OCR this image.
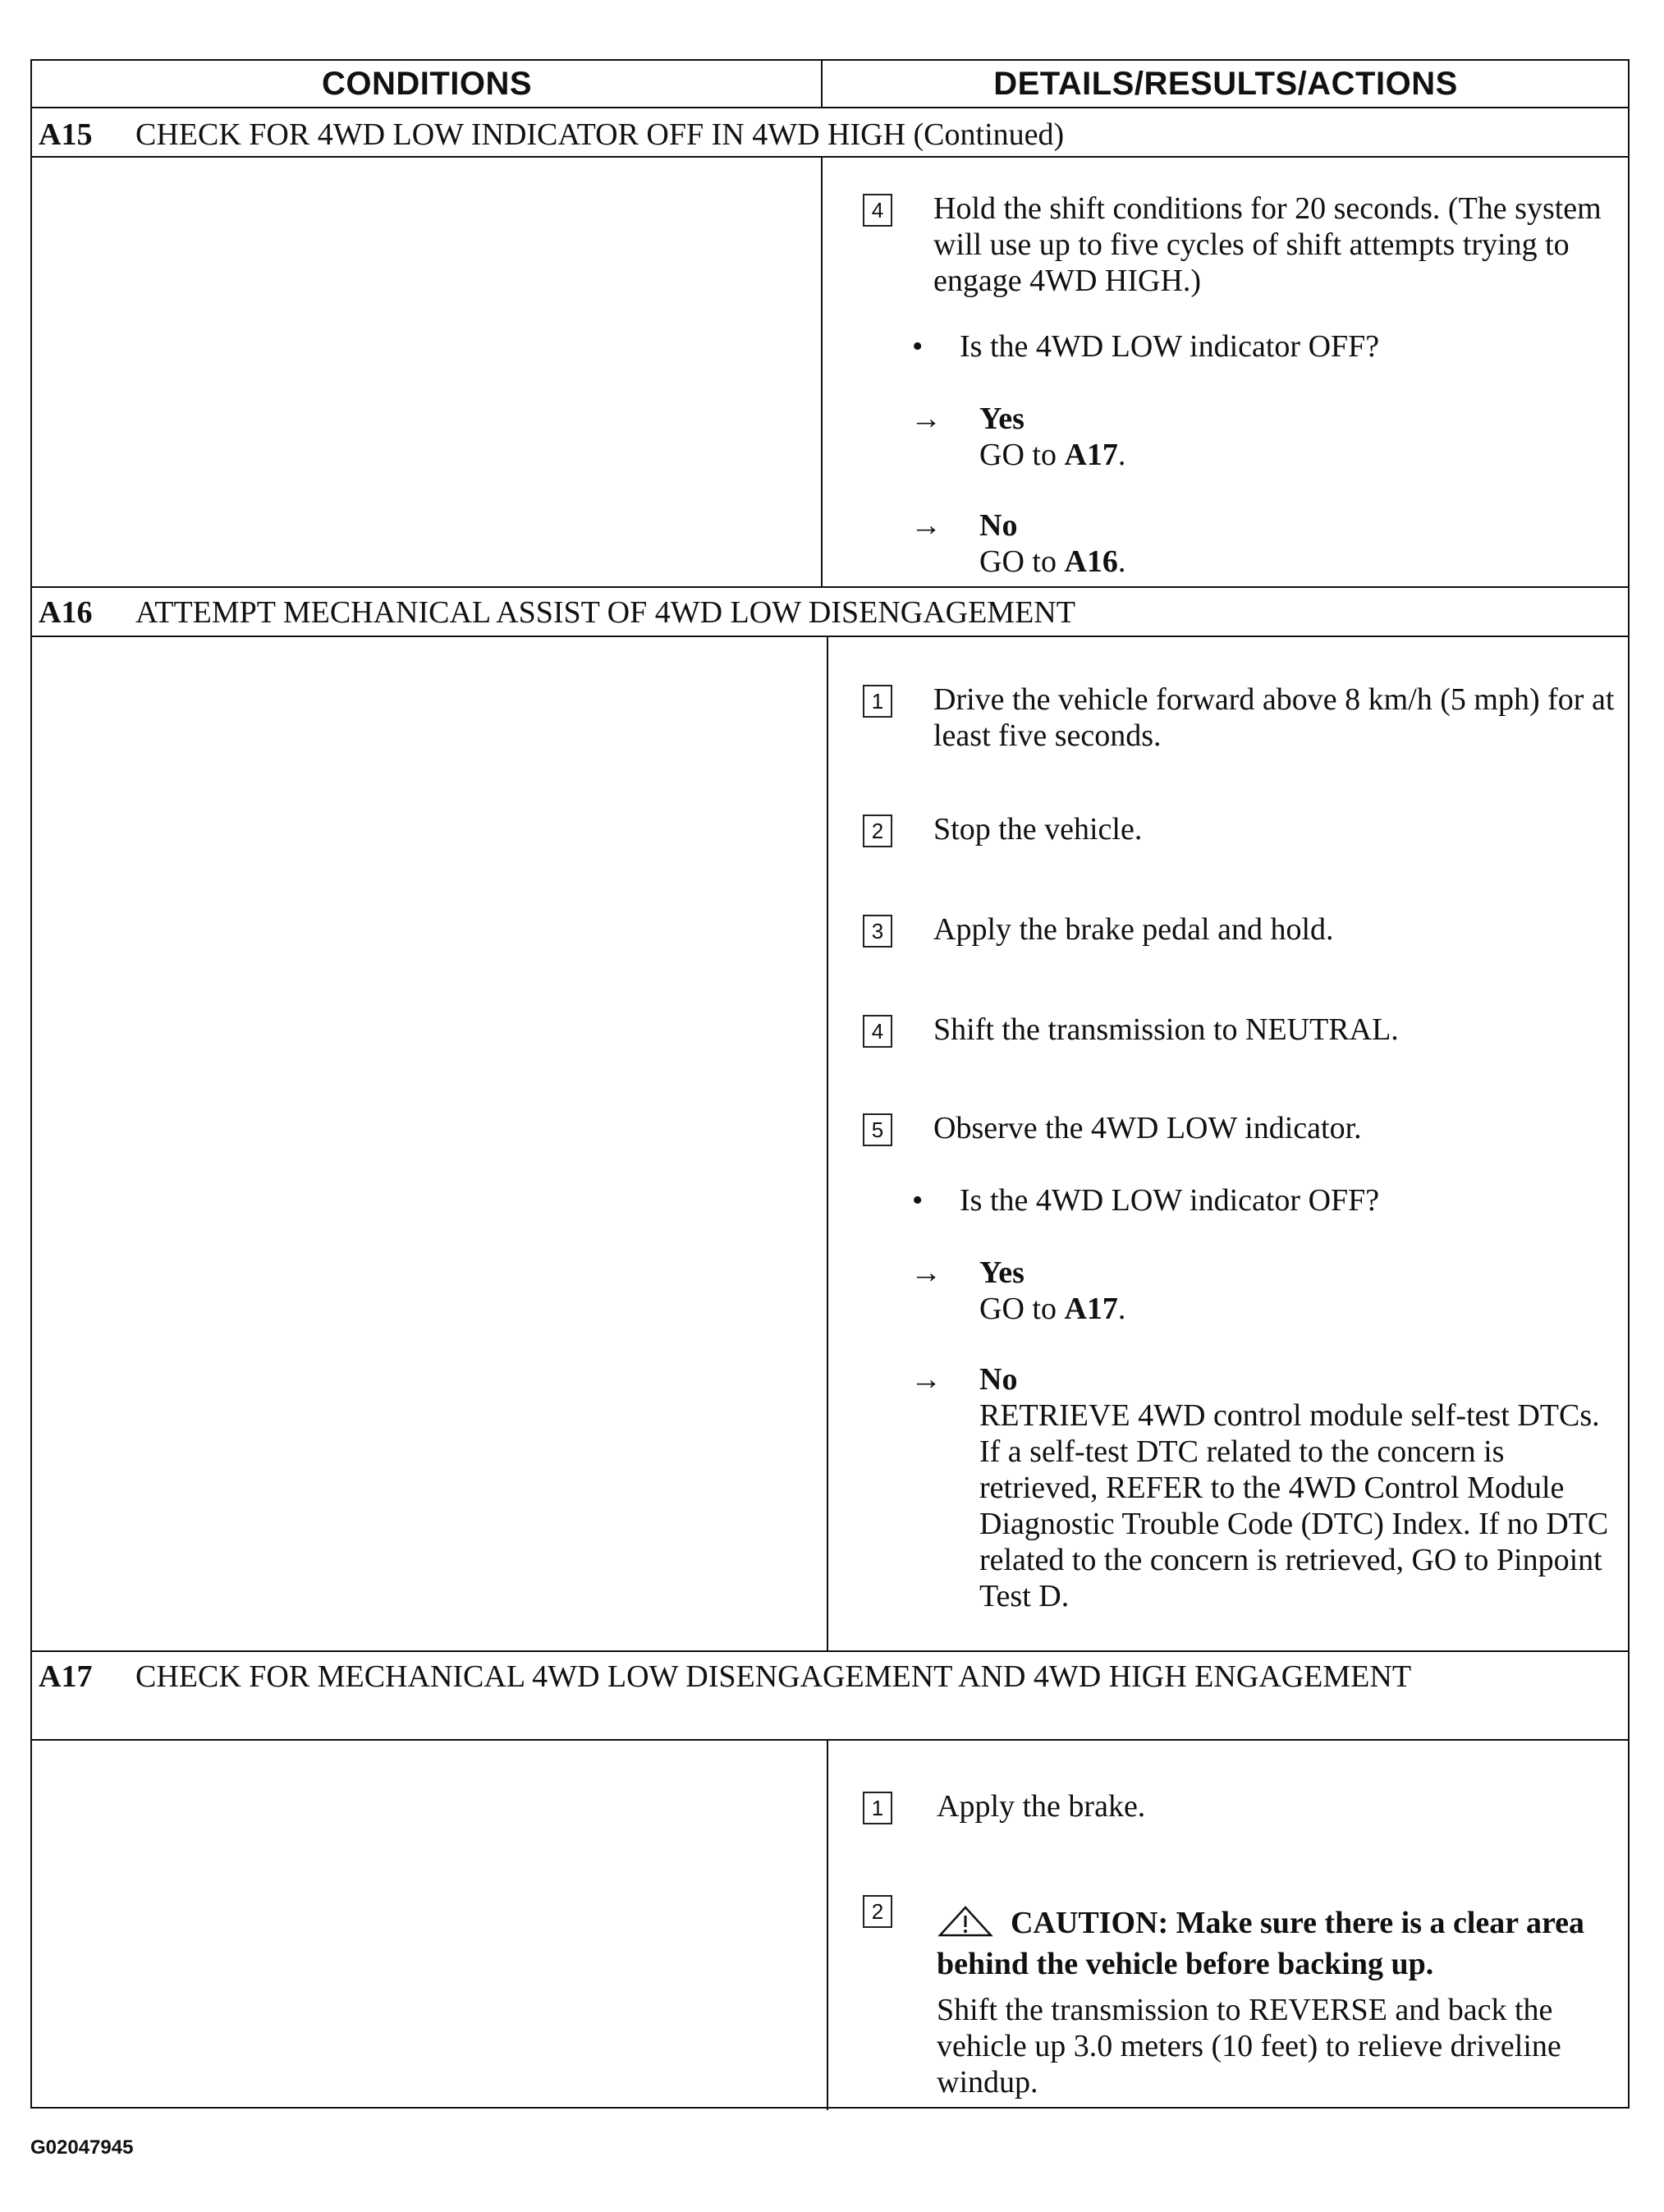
CONDITIONS	DETAILS/RESULTS/ACTIONS
A15 CHECK FOR 4WD LOW INDICATOR OFF IN 4WD HIGH (Continued)
4 Hold the shift conditions for 20 seconds. (The system will use up to five cycles of shift attempts trying to engage 4WD HIGH.)
• Is the 4WD LOW indicator OFF?
→ Yes
GO to A17.
→ No
GO to A16.
A16 ATTEMPT MECHANICAL ASSIST OF 4WD LOW DISENGAGEMENT
1 Drive the vehicle forward above 8 km/h (5 mph) for at least five seconds.
2 Stop the vehicle.
3 Apply the brake pedal and hold.
4 Shift the transmission to NEUTRAL.
5 Observe the 4WD LOW indicator.
• Is the 4WD LOW indicator OFF?
→ Yes
GO to A17.
→ No
RETRIEVE 4WD control module self-test DTCs. If a self-test DTC related to the concern is retrieved, REFER to the 4WD Control Module Diagnostic Trouble Code (DTC) Index. If no DTC related to the concern is retrieved, GO to Pinpoint Test D.
A17 CHECK FOR MECHANICAL 4WD LOW DISENGAGEMENT AND 4WD HIGH ENGAGEMENT
1 Apply the brake.
2	CAUTION: Make sure there is a clear area behind the vehicle before backing up.
Shift the transmission to REVERSE and back the vehicle up 3.0 meters (10 feet) to relieve driveline windup.
G02047945
